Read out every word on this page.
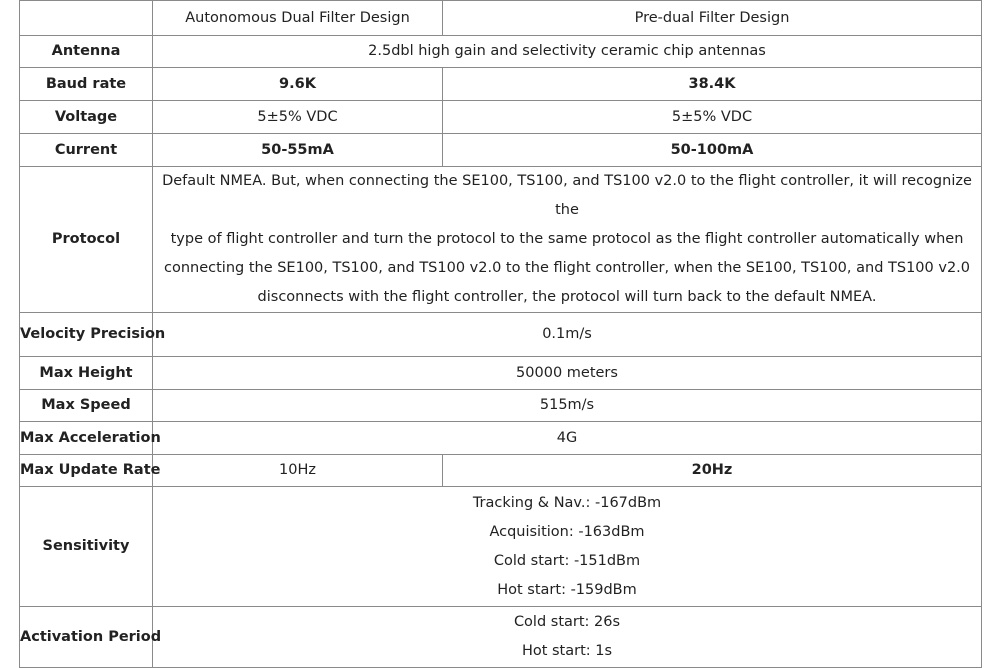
	Autonomous Dual Filter Design	Pre-dual Filter Design
Antenna	2.5dbl high gain and selectivity ceramic chip antennas	
Baud rate	9.6K	38.4K
Voltage	5±5% VDC	5±5% VDC
Current	50-55mA	50-100mA
Protocol	Default NMEA. But, when connecting the SE100, TS100, and TS100 v2.0 to the flight controller, it will recognize the
type of flight controller and turn the protocol to the same protocol as the flight controller automatically when
connecting the SE100, TS100, and TS100 v2.0 to the flight controller, when the SE100, TS100, and TS100 v2.0
disconnects with the flight controller, the protocol will turn back to the default NMEA.	

Velocity Precision	0.1m/s	
Max Height	50000 meters	
Max Speed	515m/s	
Max Acceleration	4G	
Max Update Rate	10Hz	20Hz
Sensitivity	Tracking & Nav.: -167dBm
Acquisition: -163dBm
Cold start: -151dBm
Hot start: -159dBm	

Activation Period	Cold start: 26s
Hot start: 1s	
